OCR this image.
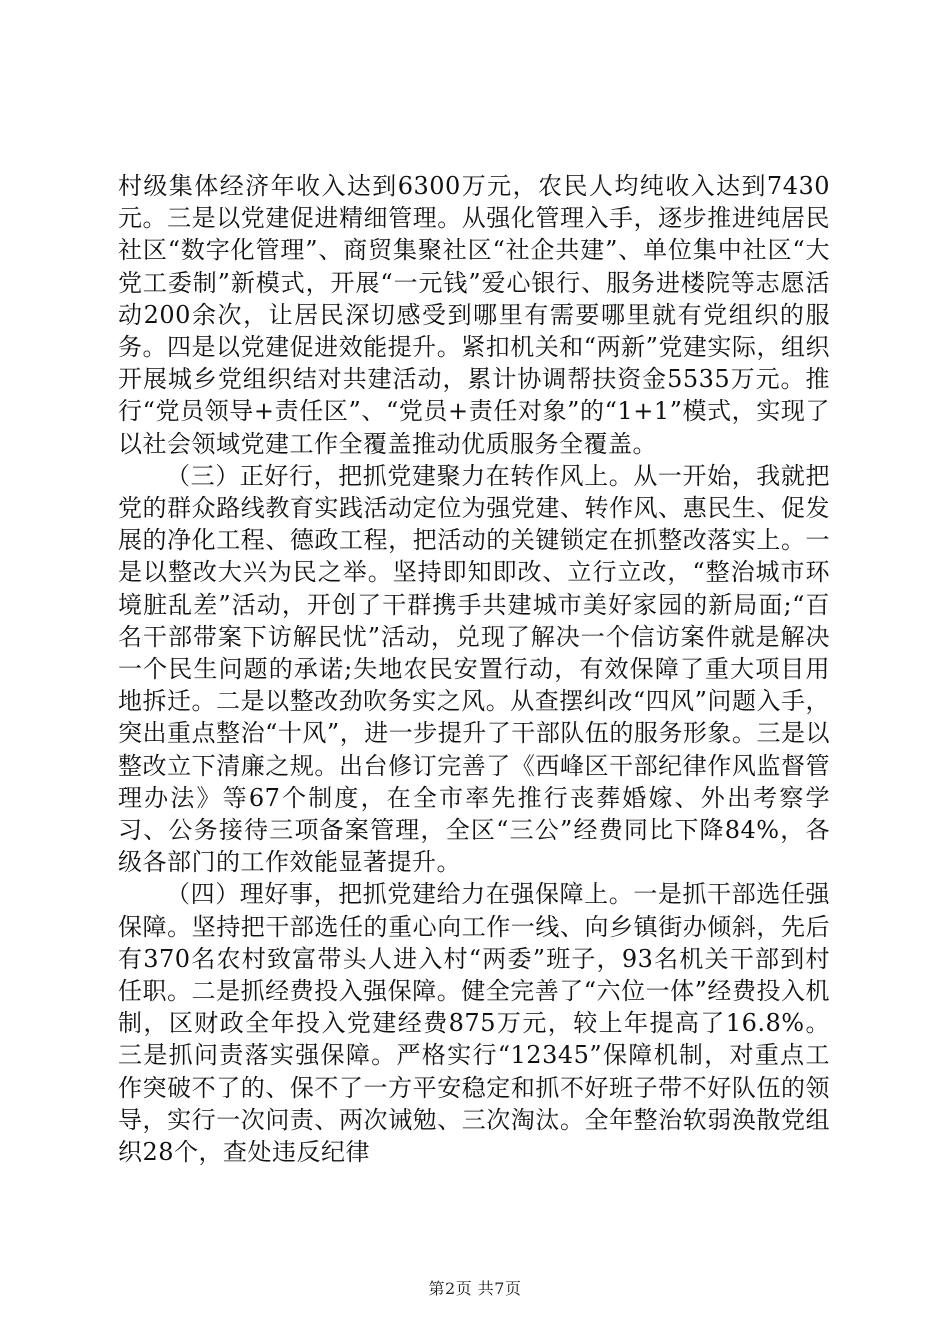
村级集体经济年收入达到6300万元，农民人均纯收入达到7430元。三是以党建促进精细管理。从强化管理入手，逐步推进纯居民社区“数字化管理”、商贸集聚社区“社企共建”、单位集中社区“大党工委制”新模式，开展“一元钱”爱心银行、服务进楼院等志愿活动200余次，让居民深切感受到哪里有需要哪里就有党组织的服务。四是以党建促进效能提升。紧扣机关和“两新”党建实际，组织开展城乡党组织结对共建活动，累计协调帮扶资金5535万元。推行“党员领导+责任区”、“党员+责任对象”的“1+1”模式，实现了以社会领域党建工作全覆盖推动优质服务全覆盖。

（三）正好行，把抓党建聚力在转作风上。从一开始，我就把党的群众路线教育实践活动定位为强党建、转作风、惠民生、促发展的净化工程、德政工程，把活动的关键锁定在抓整改落实上。一是以整改大兴为民之举。坚持即知即改、立行立改，“整治城市环境脏乱差”活动，开创了干群携手共建城市美好家园的新局面;“百名干部带案下访解民忧”活动，兑现了解决一个信访案件就是解决一个民生问题的承诺;失地农民安置行动，有效保障了重大项目用地拆迁。二是以整改劲吹务实之风。从查摆纠改“四风”问题入手，突出重点整治“十风”，进一步提升了干部队伍的服务形象。三是以整改立下清廉之规。出台修订完善了《西峰区干部纪律作风监督管理办法》等67个制度，在全市率先推行丧葬婚嫁、外出考察学习、公务接待三项备案管理，全区“三公”经费同比下降84%，各级各部门的工作效能显著提升。

（四）理好事，把抓党建给力在强保障上。一是抓干部选任强保障。坚持把干部选任的重心向工作一线、向乡镇街办倾斜，先后有370名农村致富带头人进入村“两委”班子，93名机关干部到村任职。二是抓经费投入强保障。健全完善了“六位一体”经费投入机制，区财政全年投入党建经费875万元，较上年提高了16.8%。三是抓问责落实强保障。严格实行“12345”保障机制，对重点工作突破不了的、保不了一方平安稳定和抓不好班子带不好队伍的领导，实行一次问责、两次诫勉、三次淘汰。全年整治软弱涣散党组织28个，查处违反纪律

第2页 共7页
